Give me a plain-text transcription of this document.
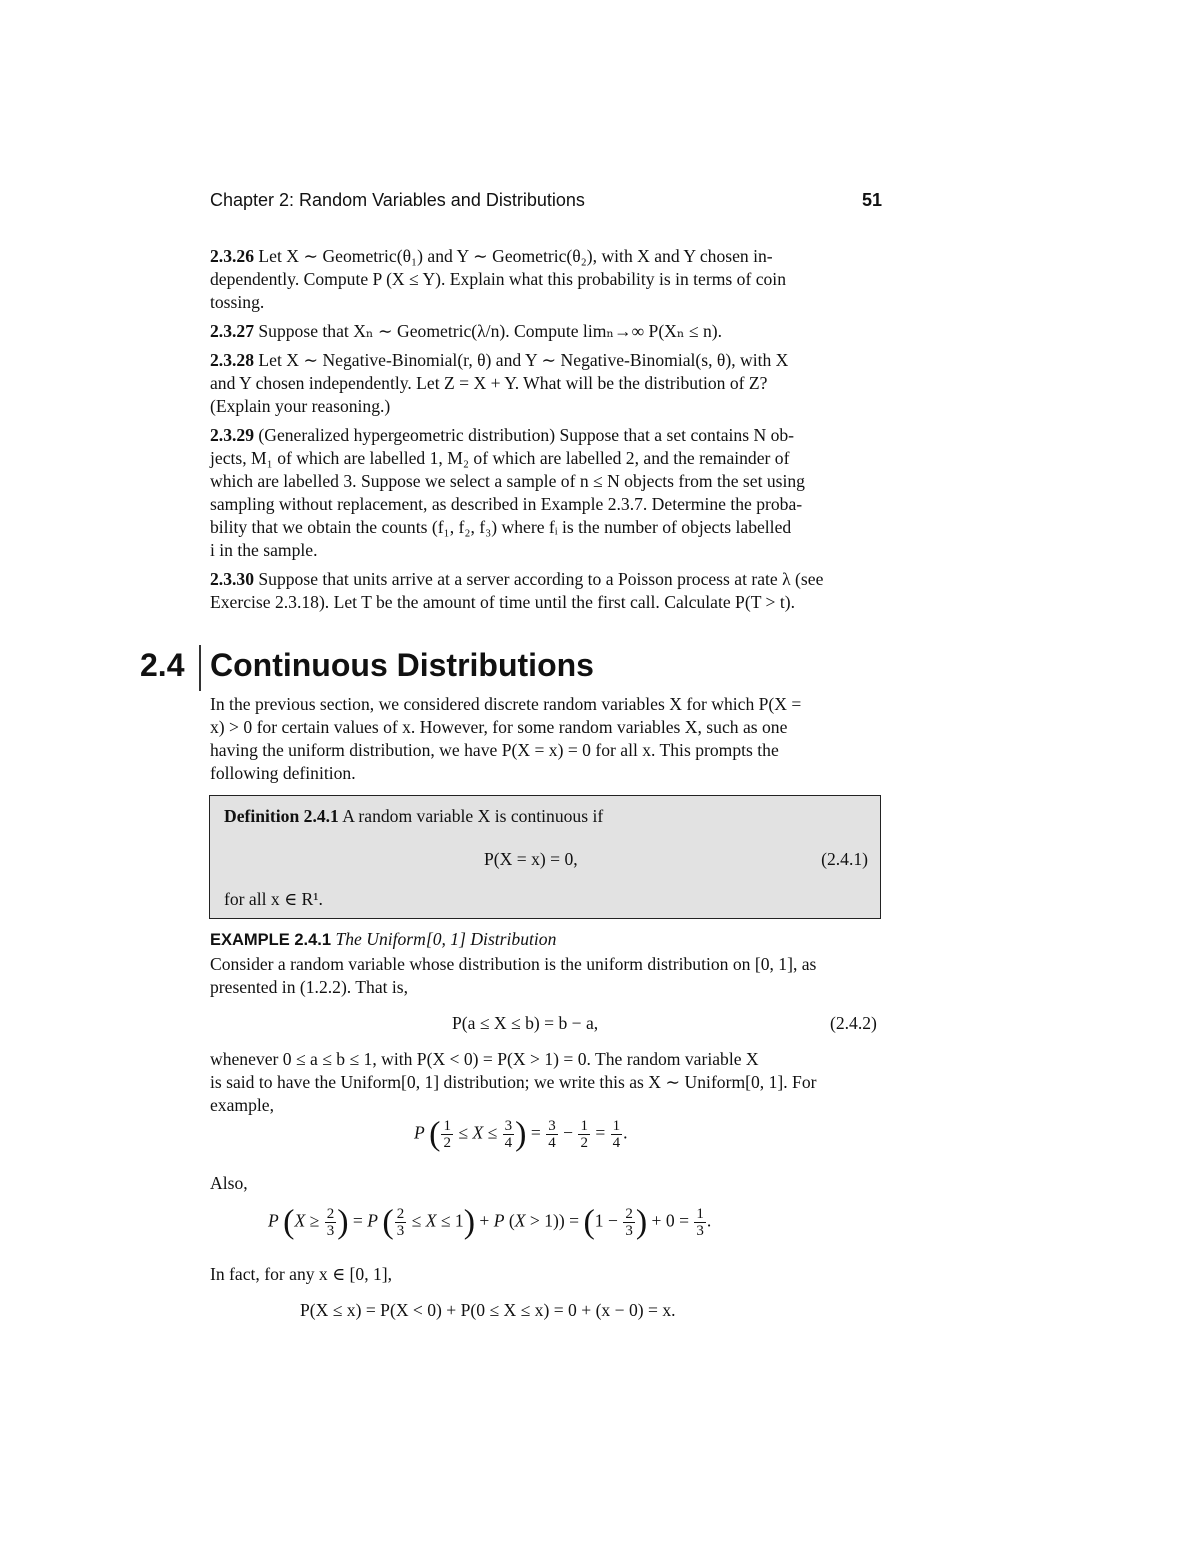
Chapter 2: Random Variables and Distributions	51

2.3.26 Let X ∼ Geometric(θ₁) and Y ∼ Geometric(θ₂), with X and Y chosen in-
dependently. Compute P (X ≤ Y). Explain what this probability is in terms of coin
tossing.

2.3.27 Suppose that Xₙ ∼ Geometric(λ/n). Compute limₙ→∞ P(Xₙ ≤ n).

2.3.28 Let X ∼ Negative-Binomial(r, θ) and Y ∼ Negative-Binomial(s, θ), with X
and Y chosen independently. Let Z = X + Y. What will be the distribution of Z?
(Explain your reasoning.)

2.3.29 (Generalized hypergeometric distribution) Suppose that a set contains N ob-
jects, M₁ of which are labelled 1, M₂ of which are labelled 2, and the remainder of
which are labelled 3. Suppose we select a sample of n ≤ N objects from the set using
sampling without replacement, as described in Example 2.3.7. Determine the proba-
bility that we obtain the counts (f₁, f₂, f₃) where fᵢ is the number of objects labelled
i in the sample.

2.3.30 Suppose that units arrive at a server according to a Poisson process at rate λ (see
Exercise 2.3.18). Let T be the amount of time until the first call. Calculate P(T > t).

2.4 Continuous Distributions

In the previous section, we considered discrete random variables X for which P(X =
x) > 0 for certain values of x. However, for some random variables X, such as one
having the uniform distribution, we have P(X = x) = 0 for all x. This prompts the
following definition.

Definition 2.4.1 A random variable X is continuous if
P(X = x) = 0,	(2.4.1)
for all x ∈ R¹.
EXAMPLE 2.4.1 The Uniform[0, 1] Distribution

Consider a random variable whose distribution is the uniform distribution on [0, 1], as
presented in (1.2.2). That is,

P(a ≤ X ≤ b) = b − a,	(2.4.2)

whenever 0 ≤ a ≤ b ≤ 1, with P(X < 0) = P(X > 1) = 0. The random variable X
is said to have the Uniform[0, 1] distribution; we write this as X ∼ Uniform[0, 1]. For
example,

P ( $\frac{1}{2} \le X \le \frac{3}{4}$ ) = $\frac{3}{4} - \frac{1}{2} = \frac{1}{4}$ .

Also,

P ($X \ge \frac{2}{3}$ ) = P ( $\frac{2}{3} \le X \le 1) + P$ $(X > 1)) = (1 - \frac{2}{3}$ ) + $0 = \frac{1}{3}$ .

In fact, for any x ∈ [0, 1],

P(X ≤ x) = P(X < 0) + P(0 ≤ X ≤ x) = 0 + (x − 0) = x.
